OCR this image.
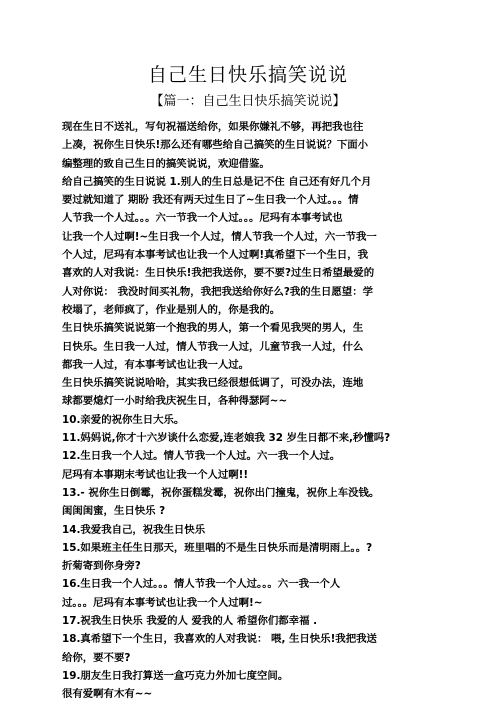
自己生日快乐搞笑说说
【篇一：自己生日快乐搞笑说说】
现在生日不送礼，写句祝福送给你，如果你嫌礼不够，再把我也往
上凑，祝你生日快乐!那么还有哪些给自己搞笑的生日说说？下面小
编整理的致自己生日的搞笑说说，欢迎借鉴。
给自己搞笑的生日说说 1.别人的生日总是记不住 自己还有好几个月
要过就知道了 期盼 我还有两天过生日了~生日我一个人过。。。情
人节我一个人过。。。六一节我一个人过。。。尼玛有本事考试也
让我一个人过啊!~生日我一个人过，情人节我一个人过，六一节我一
个人过，尼玛有本事考试也让我一个人过啊!真希望下一个生日，我
喜欢的人对我说：生日快乐!我把我送你，要不要?过生日希望最爱的
人对你说： 我没时间买礼物，我把我送给你好么?我的生日愿望：学
校塌了，老师疯了，作业是别人的，你是我的。
生日快乐搞笑说说第一个抱我的男人，第一个看见我哭的男人，生
日快乐。生日我一人过，情人节我一人过，儿童节我一人过，什么
都我一人过，有本事考试也让我一人过。
生日快乐搞笑说说哈哈，其实我已经很想低调了，可没办法，连地
球都要熄灯一小时给我庆祝生日，各种得瑟阿~~
10.亲爱的祝你生日大乐。
11.妈妈说,你才十六岁谈什么恋爱,连老娘我 32 岁生日都不来,秒懂吗?
12.生日我一个人过。情人节我一个人过。六一我一个人过。
尼玛有本事期末考试也让我一个人过啊!!
13.- 祝你生日倒霉，祝你蛋糕发霉，祝你出门撞鬼，祝你上车没钱。
闺闺闺蜜，生日快乐 ?
14.我爱我自己，祝我生日快乐
15.如果班主任生日那天，班里唱的不是生日快乐而是清明雨上。。?
折菊寄到你身旁?
16.生日我一个人过。。。情人节我一个人过。。。六一我一个人
过。。。尼玛有本事考试也让我一个人过啊!~
17.祝我生日快乐 我爱的人 爱我的人 希望你们都幸福 .
18.真希望下一个生日，我喜欢的人对我说： 喂, 生日快乐!我把我送
给你，要不要?
19.朋友生日我打算送一盒巧克力外加七度空间。
很有爱啊有木有~~
